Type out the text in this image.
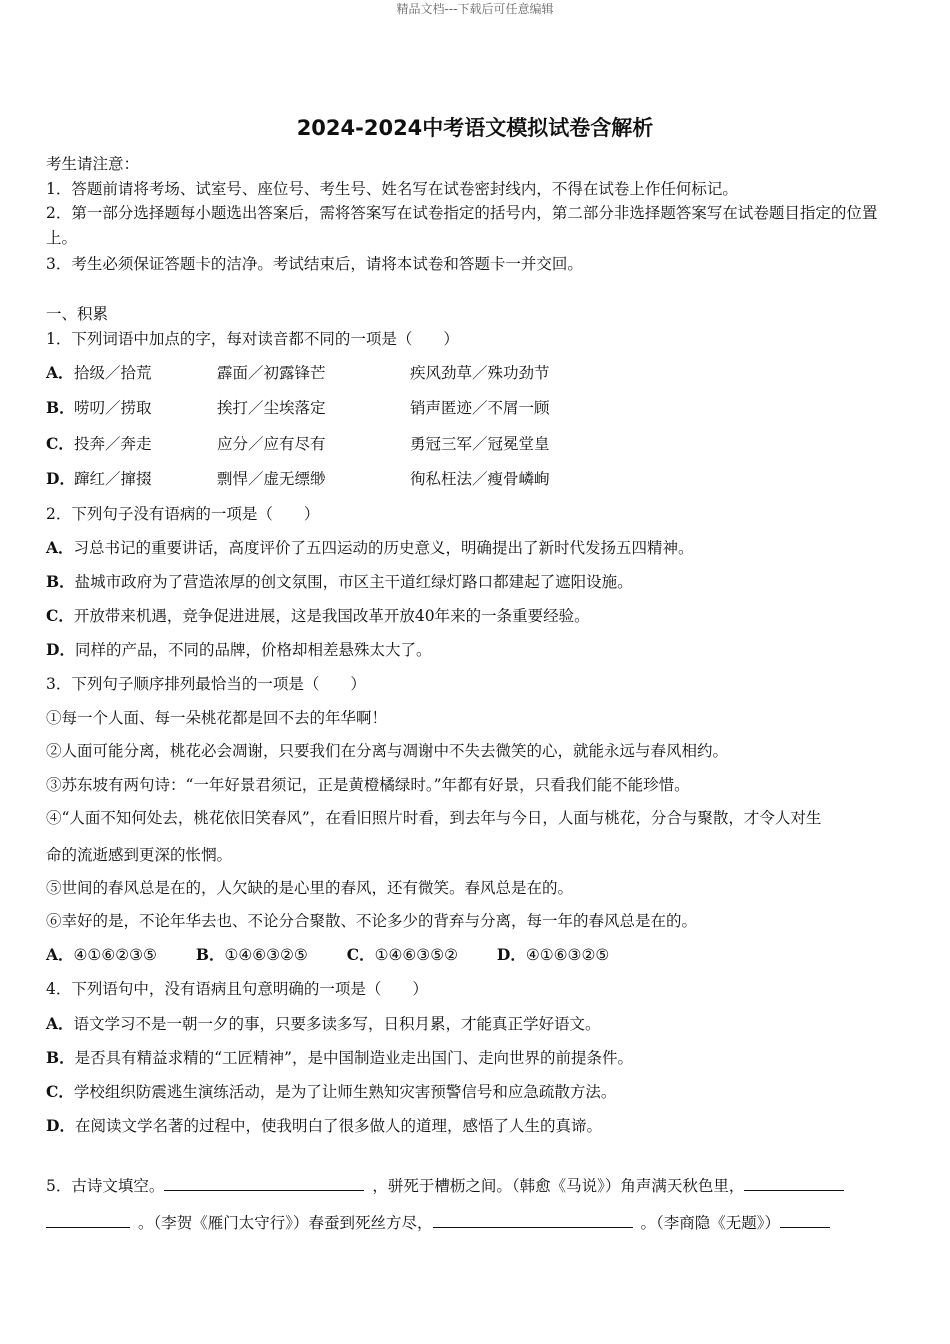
精品文档---下载后可任意编辑
2024-2024中考语文模拟试卷含解析
考生请注意：
1．答题前请将考场、试室号、座位号、考生号、姓名写在试卷密封线内，不得在试卷上作任何标记。
2．第一部分选择题每小题选出答案后，需将答案写在试卷指定的括号内，第二部分非选择题答案写在试卷题目指定的位置上。
3．考生必须保证答题卡的洁净。考试结束后，请将本试卷和答题卡一并交回。
一、积累
1．下列词语中加点的字，每对读音都不同的一项是（　　）
A． 拾级／拾荒	霹面／初露锋芒	疾风劲草／殊功劲节
B． 唠叨／捞取	挨打／尘埃落定	销声匿迹／不屑一顾
C． 投奔／奔走	应分／应有尽有	勇冠三军／冠冕堂皇
D． 蹿红／撺掇	剽悍／虚无缥缈	徇私枉法／瘦骨嶙峋
2．下列句子没有语病的一项是（　　）
A．习总书记的重要讲话，高度评价了五四运动的历史意义，明确提出了新时代发扬五四精神。
B．盐城市政府为了营造浓厚的创文氛围，市区主干道红绿灯路口都建起了遮阳设施。
C．开放带来机遇，竞争促进进展，这是我国改革开放40年来的一条重要经验。
D．同样的产品，不同的品牌，价格却相差悬殊太大了。
3．下列句子顺序排列最恰当的一项是（　　）
①每一个人面、每一朵桃花都是回不去的年华啊！
②人面可能分离，桃花必会凋谢，只要我们在分离与凋谢中不失去微笑的心，就能永远与春风相约。
③苏东坡有两句诗：“一年好景君须记，正是黄橙橘绿时。”年都有好景，只看我们能不能珍惜。
④“人面不知何处去，桃花依旧笑春风”，在看旧照片时看，到去年与今日，人面与桃花，分合与聚散，才令人对生
命的流逝感到更深的怅惘。
⑤世间的春风总是在的，人欠缺的是心里的春风，还有微笑。春风总是在的。
⑥幸好的是，不论年华去也、不论分合聚散、不论多少的背弃与分离，每一年的春风总是在的。
A．④①⑥②③⑤	B．①④⑥③②⑤	C．①④⑥③⑤②	D．④①⑥③②⑤
4．下列语句中，没有语病且句意明确的一项是（　　）
A．语文学习不是一朝一夕的事，只要多读多写，日积月累，才能真正学好语文。
B．是否具有精益求精的“工匠精神”，是中国制造业走出国门、走向世界的前提条件。
C．学校组织防震逃生演练活动，是为了让师生熟知灾害预警信号和应急疏散方法。
D．在阅读文学名著的过程中，使我明白了很多做人的道理，感悟了人生的真谛。
5．古诗文填空。	，骈死于槽枥之间。（韩愈《马说》）角声满天秋色里，
。（李贺《雁门太守行》）春蚕到死丝方尽，	。（李商隐《无题》）
